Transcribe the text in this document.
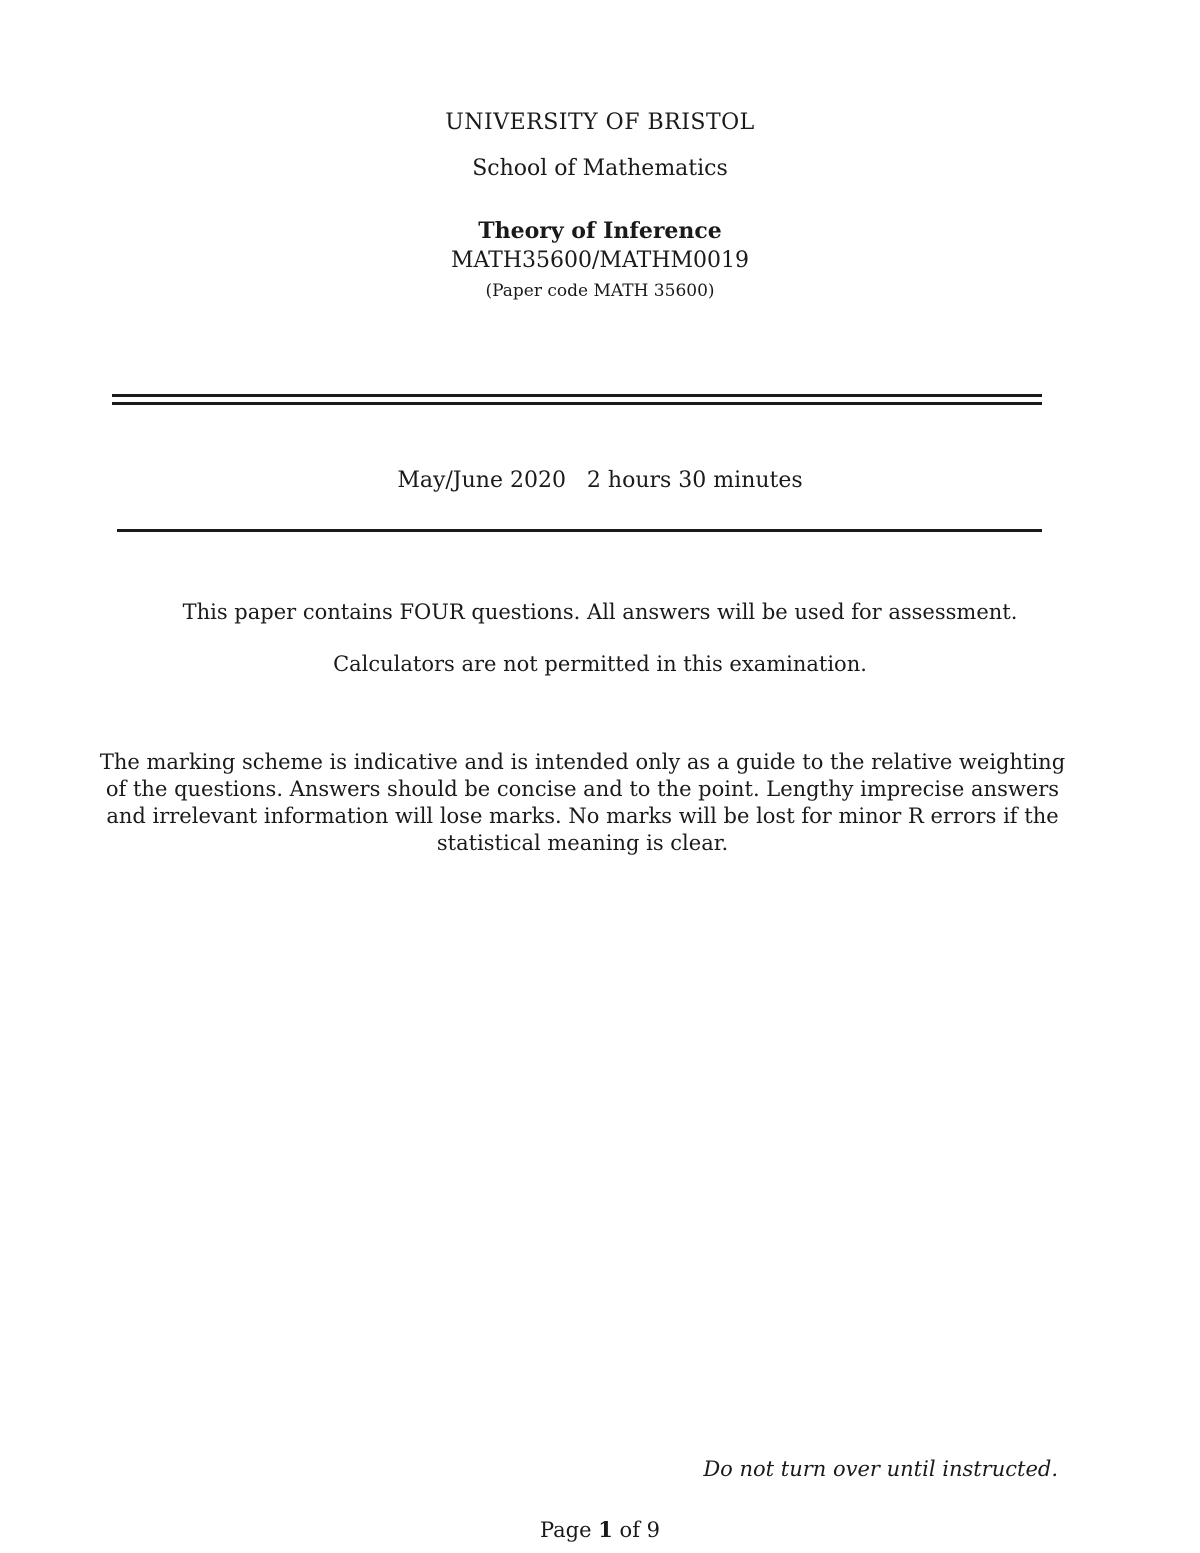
UNIVERSITY OF BRISTOL
School of Mathematics
Theory of Inference
MATH35600/MATHM0019
(Paper code MATH 35600)
May/June 2020   2 hours 30 minutes
This paper contains FOUR questions. All answers will be used for assessment.
Calculators are not permitted in this examination.
The marking scheme is indicative and is intended only as a guide to the relative weighting of the questions. Answers should be concise and to the point. Lengthy imprecise answers and irrelevant information will lose marks. No marks will be lost for minor R errors if the statistical meaning is clear.
Do not turn over until instructed.
Page 1 of 9
